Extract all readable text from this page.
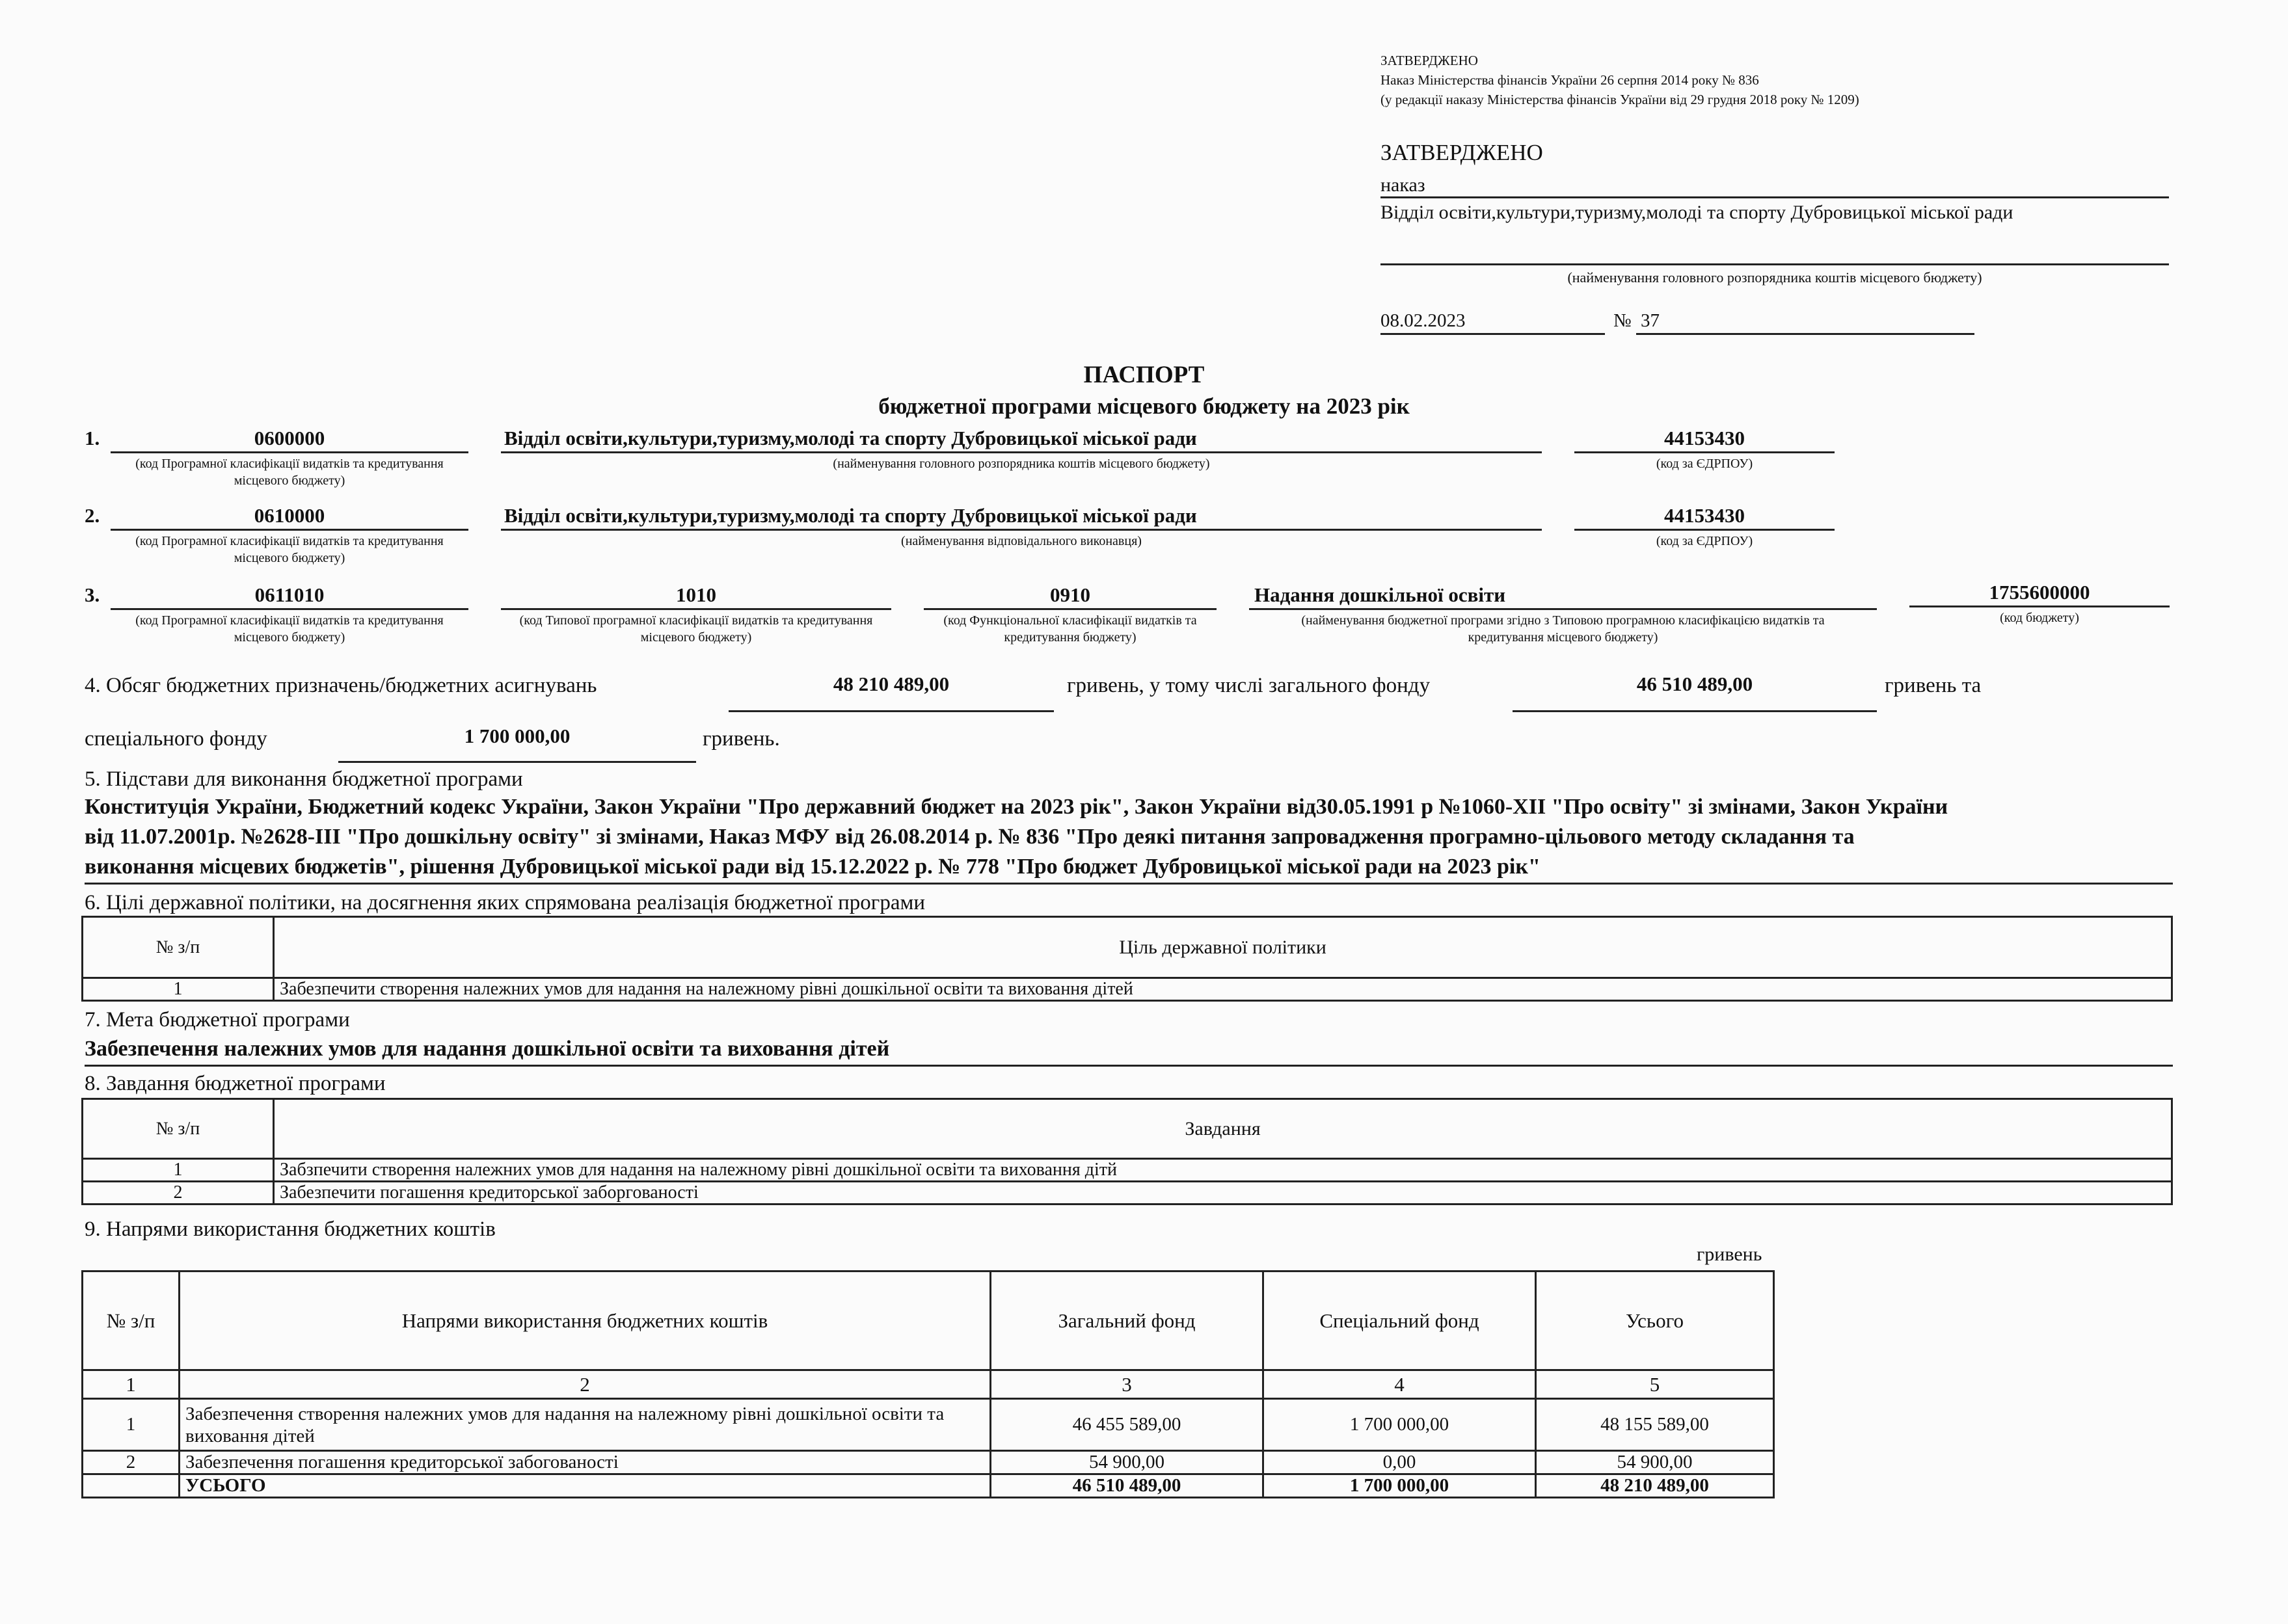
ЗАТВЕРДЖЕНО
Наказ Міністерства фінансів України 26 серпня 2014 року № 836
(у редакції наказу Міністерства фінансів України від 29 грудня 2018 року № 1209)
ЗАТВЕРДЖЕНО
наказ
Відділ освіти,культури,туризму,молоді та спорту Дубровицької міської ради
(найменування головного розпорядника коштів місцевого бюджету)
08.02.2023	№ 37
ПАСПОРТ
бюджетної програми місцевого бюджету на 2023 рік
1.	0600000
(код Програмної класифікації видатків та кредитування місцевого бюджету)
Відділ освіти,культури,туризму,молоді та спорту Дубровицької міської ради
(найменування головного розпорядника коштів місцевого бюджету)
44153430
(код за ЄДРПОУ)
2.	0610000
(код Програмної класифікації видатків та кредитування місцевого бюджету)
Відділ освіти,культури,туризму,молоді та спорту Дубровицької міської ради
(найменування відповідального виконавця)
44153430
(код за ЄДРПОУ)
3.	0611010
(код Програмної класифікації видатків та кредитування місцевого бюджету)
1010
(код Типової програмної класифікації видатків та кредитування місцевого бюджету)
0910
(код Функціональної класифікації видатків та кредитування бюджету)
Надання дошкільної освіти
(найменування бюджетної програми згідно з Типовою програмною класифікацією видатків та кредитування місцевого бюджету)
1755600000
(код бюджету)
4. Обсяг бюджетних призначень/бюджетних асигнувань	48 210 489,00	гривень, у тому числі загального фонду	46 510 489,00	гривень та
спеціального фонду	1 700 000,00	гривень.
5. Підстави для виконання бюджетної програми
Конституція України, Бюджетний кодекс України, Закон України "Про державний бюджет на 2023 рік", Закон України від30.05.1991 р №1060-ХІІ "Про освіту" зі змінами, Закон України
від 11.07.2001р. №2628-ІІІ "Про дошкільну освіту" зі змінами, Наказ МФУ від 26.08.2014 р. № 836 "Про деякі питання запровадження програмно-цільового методу складання та
виконання місцевих бюджетів", рішення Дубровицької міської ради від 15.12.2022 р. № 778 "Про бюджет Дубровицької міської ради на 2023 рік"
6. Цілі державної політики, на досягнення яких спрямована реалізація бюджетної програми
№ з/п	Ціль державної політики
1	Забезпечити створення належних умов для надання на належному рівні дошкільної освіти та виховання дітей
7. Мета бюджетної програми
Забезпечення належних умов для надання дошкільної освіти та виховання дітей
8. Завдання бюджетної програми
№ з/п	Завдання
1	Забзпечити створення належних умов для надання на належному рівні дошкільної освіти та виховання дітй
2	Забезпечити погашення кредиторської заборгованості
9. Напрями використання бюджетних коштів
гривень
№ з/п	Напрями використання бюджетних коштів	Загальний фонд	Спеціальний фонд	Усього
1	2	3	4	5
1	Забезпечення створення належних умов для надання на належному рівні дошкільної освіти та виховання дітей	46 455 589,00	1 700 000,00	48 155 589,00
2	Забезпечення погашення кредиторської забогованості	54 900,00	0,00	54 900,00
	УСЬОГО	46 510 489,00	1 700 000,00	48 210 489,00
